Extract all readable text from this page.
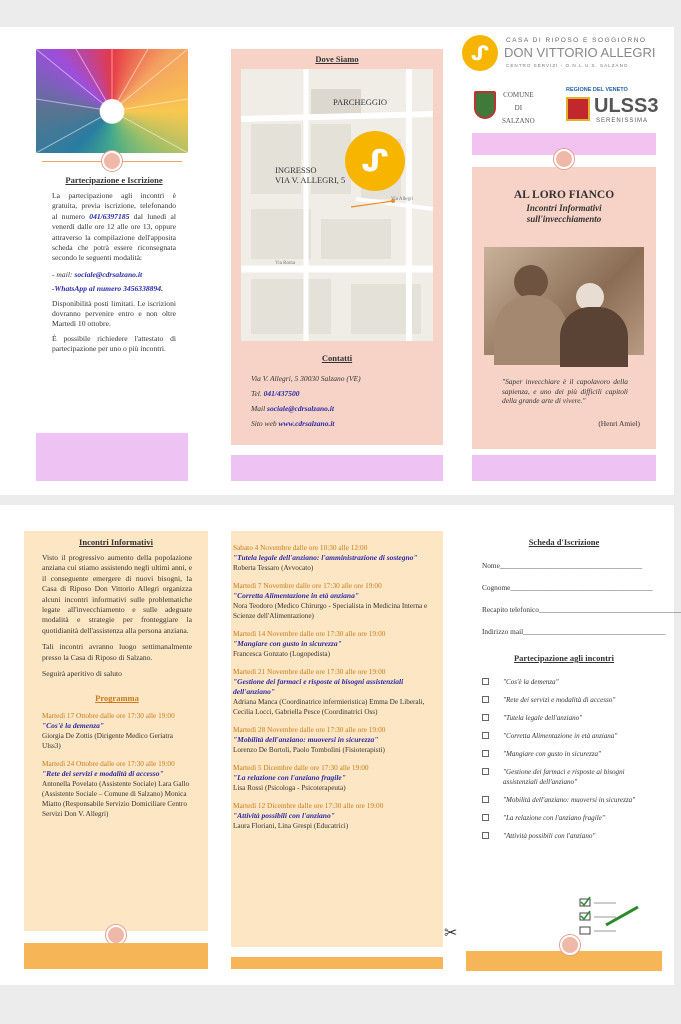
Partecipazione e Iscrizione
La partecipazione agli incontri è gratuita, previa iscrizione, telefonando al numero 041/6397185 dal lunedì al venerdì dalle ore 12 alle ore 13, oppure attraverso la compilazione dell'apposita scheda che potrà essere riconsegnata secondo le seguenti modalità:
- mail: sociale@cdrsalzano.it
-WhatsApp al numero 3456338894.
Disponibilità posti limitati. Le iscrizioni dovranno pervenire entro e non oltre Martedì 10 ottobre.
È possibile richiedere l'attestato di partecipazione per uno o più incontri.
Dove Siamo
PARCHEGGIO
INGRESSO
VIA V. ALLEGRI, 5
ᔑ
Via Roma
Via Allegri
Contatti
Via V. Allegri, 5 30030 Salzano (VE)
Tel. 041/437500
Mail sociale@cdrsalzano.it
Sito web www.cdrsalzano.it
ᔑ
CASA DI RIPOSO E SOGGIORNO
DON VITTORIO ALLEGRI
CENTRO SERVIZI - O.N.L.U.S. SALZANO
COMUNE
DI
SALZANO
REGIONE DEL VENETO
ULSS3
SERENISSIMA
AL LORO FIANCO
Incontri Informativi sull'invecchiamento
"Saper invecchiare è il capolavoro della sapienza, e uno dei più difficili capitoli della grande arte di vivere."
(Henri Amiel)
Incontri Informativi
Visto il progressivo aumento della popolazione anziana cui stiamo assistendo negli ultimi anni, e il conseguente emergere di nuovi bisogni, la Casa di Riposo Don Vittorio Allegri organizza alcuni incontri informativi sulle problematiche legate all'invecchiamento e sulle adeguate modalità e strategie per fronteggiare la quotidianità dell'assistenza alla persona anziana.
Tali incontri avranno luogo settimanalmente presso la Casa di Riposo di Salzano.
Seguirà aperitivo di saluto
Programma
Martedì 17 Ottobre dalle ore 17:30 alle 19:00
"Cos'è la demenza"
Giorgia De Zottis (Dirigente Medico Geriatra Ulss3)
Martedì 24 Ottobre dalle ore 17:30 alle 19:00
"Rete dei servizi e modalità di accesso"
Antonella Povelato (Assistente Sociale) Lara Gallo (Assistente Sociale – Comune di Salzano) Monica Miatto (Responsabile Servizio Domiciliare Centro Servizi Don V. Allegri)
Sabato 4 Novembre dalle ore 10:30 alle 12:00
"Tutela legale dell'anziano: l'amministrazione di sostegno"
Roberta Tessaro (Avvocato)
Martedì 7 Novembre dalle ore 17:30 alle ore 19:00
"Corretta Alimentazione in età anziana"
Nora Teodoro (Medico Chirurgo - Specialista in Medicina Interna e Scienze dell'Alimentazione)
Martedì 14 Novembre dalle ore 17:30 alle ore 19:00
"Mangiare con gusto in sicurezza"
Francesca Gonzato (Logopedista)
Martedì 21 Novembre dalle ore 17:30 alle ore 19:00
"Gestione dei farmaci e risposte ai bisogni assistenziali dell'anziano"
Adriana Manca (Coordinatrice infermieristica) Emma De Liberali, Cecilia Locci, Gabriella Pesce (Coordinatrici Oss)
Martedì 28 Novembre dalle ore 17:30 alle ore 19:00
"Mobilità dell'anziano: muoversi in sicurezza"
Lorenzo De Bortoli, Paolo Tombolini (Fisioterapisti)
Martedì 5 Dicembre dalle ore 17:30 alle 19:00
"La relazione con l'anziano fragile"
Lisa Rossi (Psicologa - Psicoterapeuta)
Martedì 12 Dicembre dalle ore 17:30 alle ore 19:00
"Attività possibili con l'anziano"
Laura Floriani, Lina Grespi (Educatrici)
✂
Scheda d'Iscrizione
Nome_______________________________________
Cognome_______________________________________
Recapito telefonico_______________________________________
Indirizzo mail_______________________________________
Partecipazione agli incontri
"Cos'è la demenza"
"Rete dei servizi e modalità di accesso"
"Tutela legale dell'anziano"
"Corretta Alimentazione in età anziana"
"Mangiare con gusto in sicurezza"
"Gestione dei farmaci e risposte ai bisogni assistenziali dell'anziano"
"Mobilità dell'anziano: muoversi in sicurezza"
"La relazione con l'anziano fragile"
"Attività possibili con l'anziano"
